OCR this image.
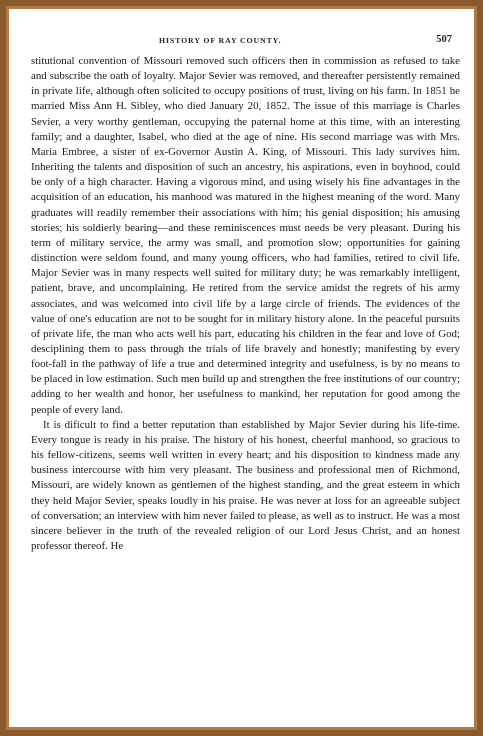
HISTORY OF RAY COUNTY.	507

stitutional convention of Missouri removed such officers then in commission as refused to take and subscribe the oath of loyalty. Major Sevier was removed, and thereafter persistently remained in private life, although often solicited to occupy positions of trust, living on his farm. In 1851 he married Miss Ann H. Sibley, who died January 20, 1852. The issue of this marriage is Charles Sevier, a very worthy gentleman, occupying the paternal home at this time, with an interesting family; and a daughter, Isabel, who died at the age of nine. His second marriage was with Mrs. Maria Embree, a sister of ex-Governor Austin A. King, of Missouri. This lady survives him. Inheriting the talents and disposition of such an ancestry, his aspirations, even in boyhood, could be only of a high character. Having a vigorous mind, and using wisely his fine advantages in the acquisition of an education, his manhood was matured in the highest meaning of the word. Many graduates will readily remember their associations with him; his genial disposition; his amusing stories; his soldierly bearing—and these reminiscences must needs be very pleasant. During his term of military service, the army was small, and promotion slow; opportunities for gaining distinction were seldom found, and many young officers, who had families, retired to civil life. Major Sevier was in many respects well suited for military duty; he was remarkably intelligent, patient, brave, and uncomplaining. He retired from the service amidst the regrets of his army associates, and was welcomed into civil life by a large circle of friends. The evidences of the value of one's education are not to be sought for in military history alone. In the peaceful pursuits of private life, the man who acts well his part, educating his children in the fear and love of God; desciplining them to pass through the trials of life bravely and honestly; manifesting by every foot-fall in the pathway of life a true and determined integrity and usefulness, is by no means to be placed in low estimation. Such men build up and strengthen the free institutions of our country; adding to her wealth and honor, her usefulness to mankind, her reputation for good among the people of every land.

It is dificult to find a better reputation than established by Major Sevier during his life-time. Every tongue is ready in his praise. The history of his honest, cheerful manhood, so gracious to his fellow-citizens, seems well written in every heart; and his disposition to kindness made any business intercourse with him very pleasant. The business and professional men of Richmond, Missouri, are widely known as gentlemen of the highest standing, and the great esteem in which they held Major Sevier, speaks loudly in his praise. He was never at loss for an agreeable subject of conversation; an interview with him never failed to please, as well as to instruct. He was a most sincere believer in the truth of the revealed religion of our Lord Jesus Christ, and an honest professor thereof. He
